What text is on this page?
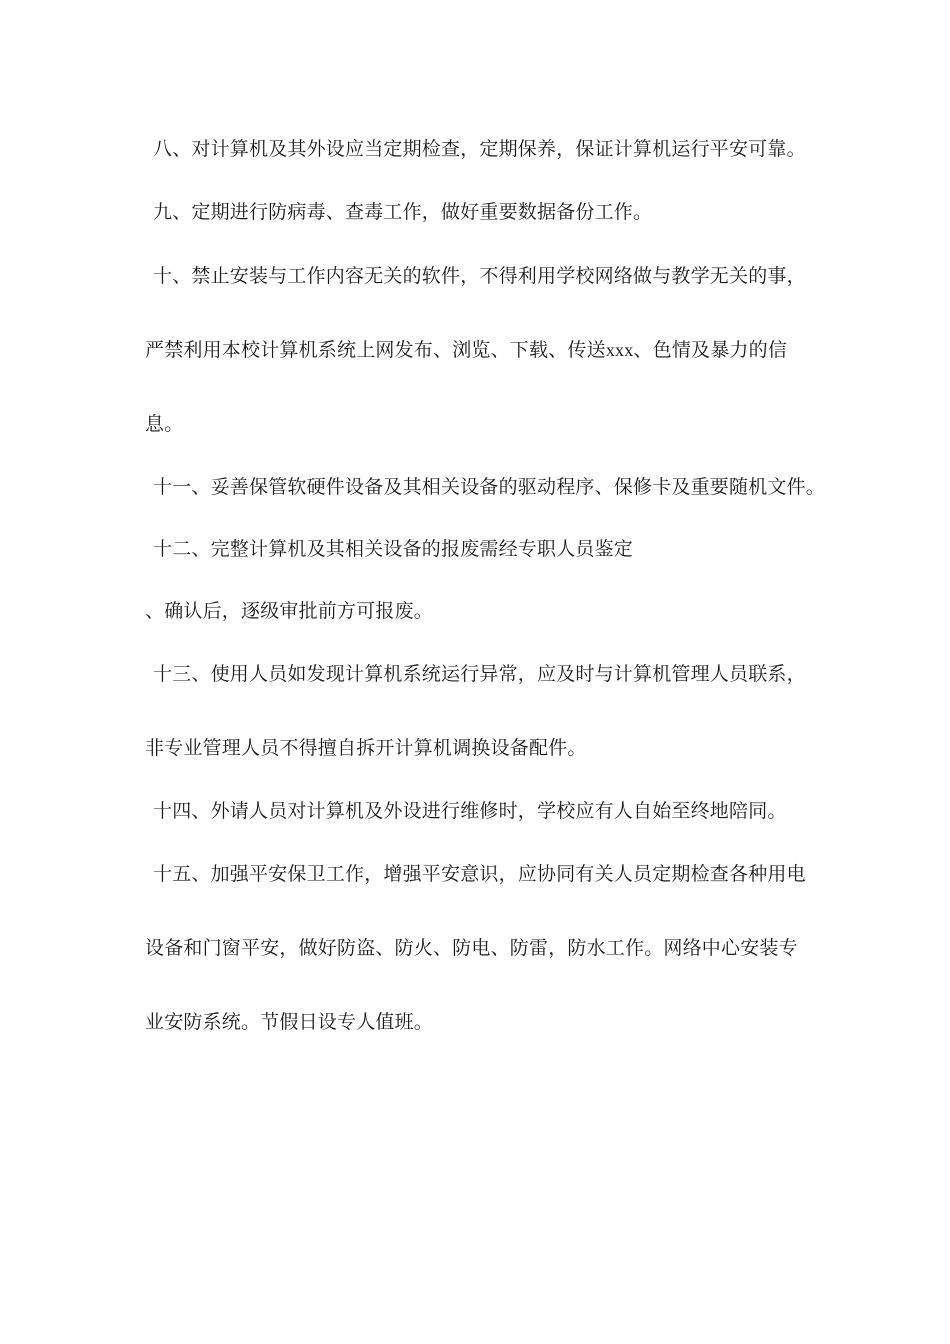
八、对计算机及其外设应当定期检查，定期保养，保证计算机运行平安可靠。
九、定期进行防病毒、查毒工作，做好重要数据备份工作。
十、禁止安装与工作内容无关的软件，不得利用学校网络做与教学无关的事，
严禁利用本校计算机系统上网发布、浏览、下载、传送xxx、色情及暴力的信
息。
十一、妥善保管软硬件设备及其相关设备的驱动程序、保修卡及重要随机文件。
十二、完整计算机及其相关设备的报废需经专职人员鉴定
、确认后，逐级审批前方可报废。
十三、使用人员如发现计算机系统运行异常，应及时与计算机管理人员联系，
非专业管理人员不得擅自拆开计算机调换设备配件。
十四、外请人员对计算机及外设进行维修时，学校应有人自始至终地陪同。
十五、加强平安保卫工作，增强平安意识，应协同有关人员定期检查各种用电
设备和门窗平安，做好防盗、防火、防电、防雷，防水工作。网络中心安装专
业安防系统。节假日设专人值班。
